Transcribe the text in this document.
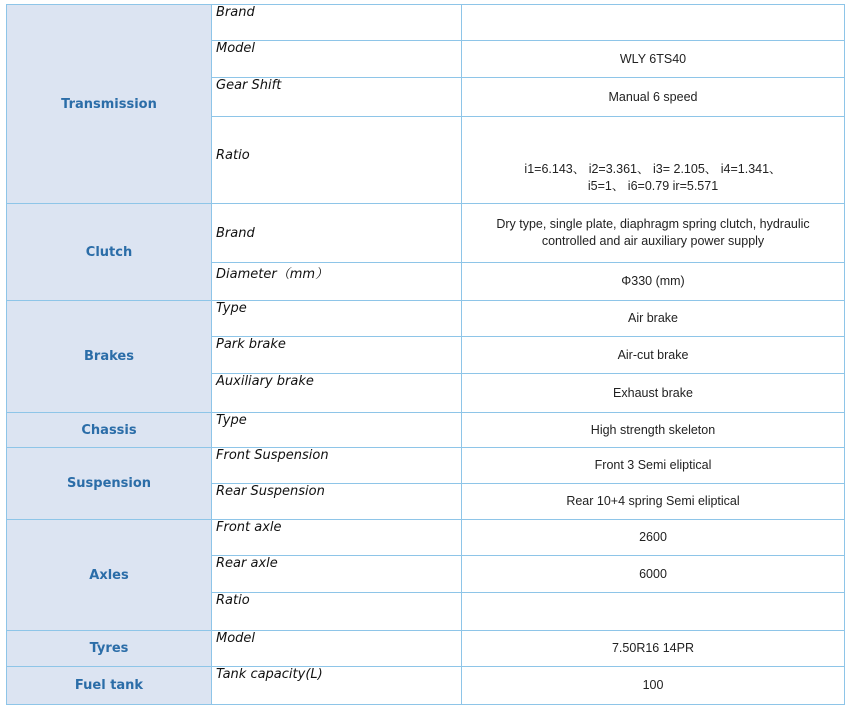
Transmission	Brand	
	Model	WLY 6TS40
	Gear Shift	Manual 6 speed
	Ratio	i1=6.143、 i2=3.361、 i3= 2.105、 i4=1.341、 i5=1、 i6=0.79 ir=5.571
Clutch	Brand	Dry type, single plate, diaphragm spring clutch, hydraulic controlled and air auxiliary power supply
	Diameter（mm）	Φ330 (mm)
Brakes	Type	Air brake
	Park brake	Air-cut brake
	Auxiliary brake	Exhaust brake
Chassis	Type	High strength skeleton
Suspension	Front Suspension	Front 3 Semi eliptical
	Rear Suspension	Rear 10+4 spring Semi eliptical
Axles	Front axle	2600
	Rear axle	6000
	Ratio	
Tyres	Model	7.50R16 14PR
Fuel tank	Tank capacity(L)	100
